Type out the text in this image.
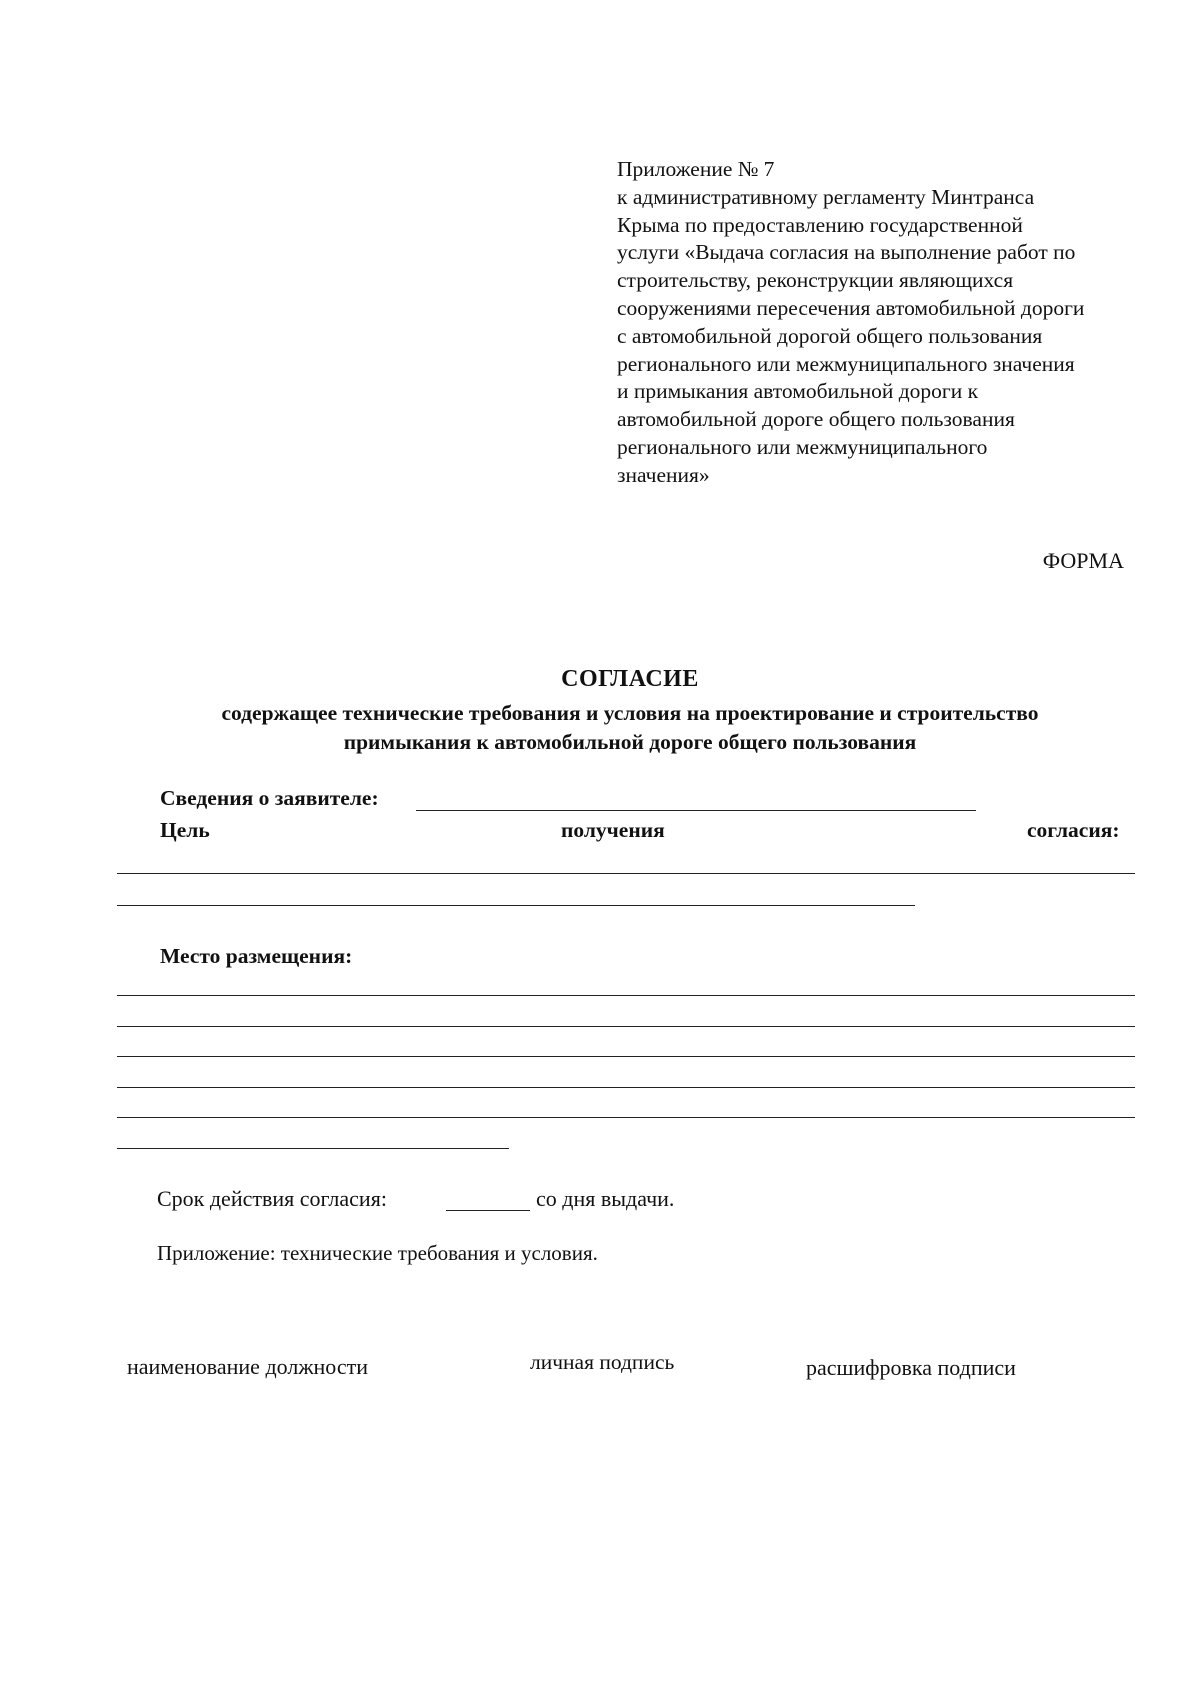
Приложение № 7
к административному регламенту Минтранса
Крыма по предоставлению государственной
услуги «Выдача согласия на выполнение работ по
строительству, реконструкции являющихся
сооружениями пересечения автомобильной дороги
с автомобильной дорогой общего пользования
регионального или межмуниципального значения
и примыкания автомобильной дороги к
автомобильной дороге общего пользования
регионального или межмуниципального
значения»
ФОРМА
СОГЛАСИЕ
содержащее технические требования и условия на проектирование и строительство
примыкания к автомобильной дороге общего пользования
Сведения о заявителе:
Цель	получения	согласия:
Место размещения:
Срок действия согласия:	со дня выдачи.
Приложение: технические требования и условия.
наименование должности	личная подпись	расшифровка подписи
